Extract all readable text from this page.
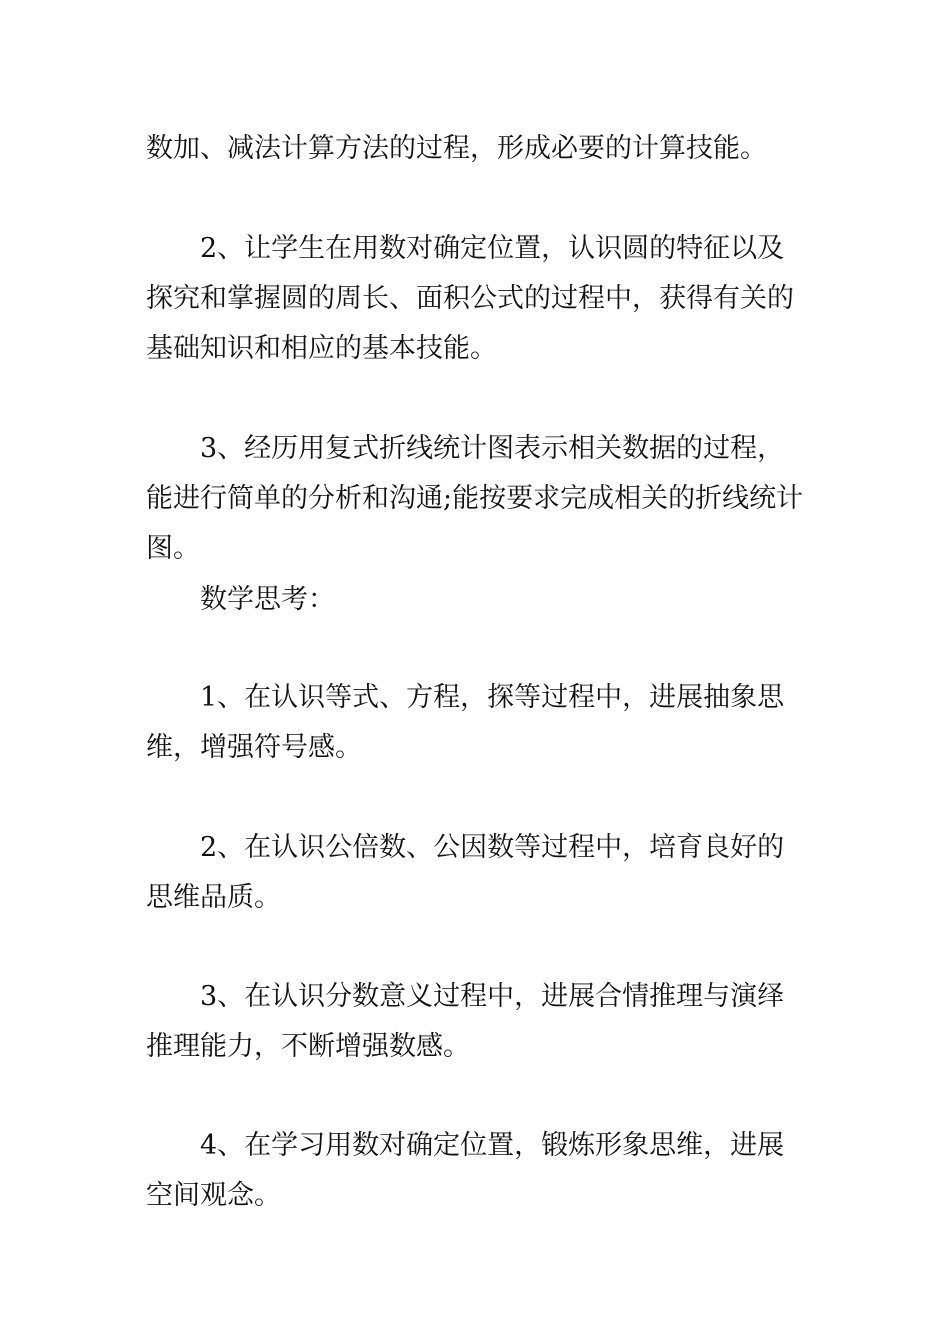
数加、减法计算方法的过程，形成必要的计算技能。

2、让学生在用数对确定位置，认识圆的特征以及探究和掌握圆的周长、面积公式的过程中，获得有关的基础知识和相应的基本技能。

3、经历用复式折线统计图表示相关数据的过程，能进行简单的分析和沟通;能按要求完成相关的折线统计图。

数学思考：

1、在认识等式、方程，探等过程中，进展抽象思维，增强符号感。

2、在认识公倍数、公因数等过程中，培育良好的思维品质。

3、在认识分数意义过程中，进展合情推理与演绎推理能力，不断增强数感。

4、在学习用数对确定位置，锻炼形象思维，进展空间观念。
